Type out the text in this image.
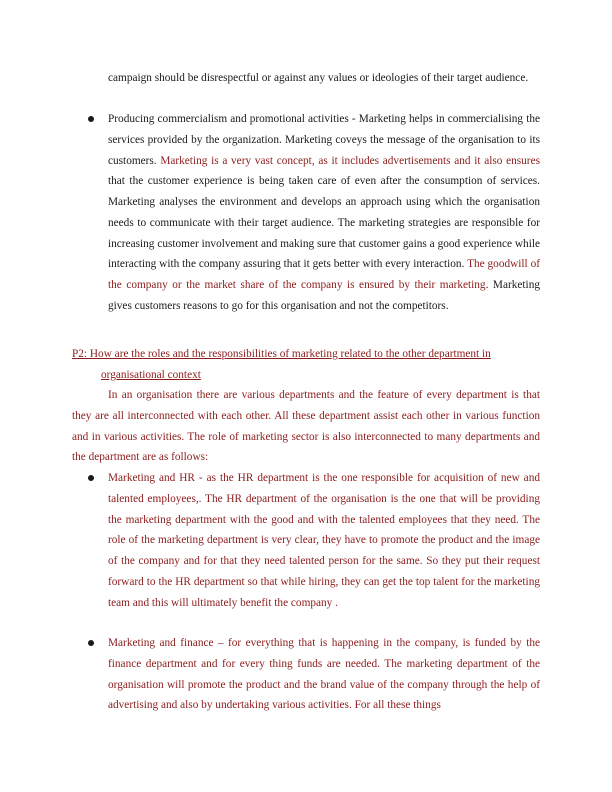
campaign should be disrespectful or against any values or ideologies of their target audience.

Producing commercialism and promotional activities - Marketing helps in commercialising the services provided by the organization. Marketing coveys the message of the organisation to its customers. Marketing is a very vast concept, as it includes advertisements and it also ensures that the customer experience is being taken care of even after the consumption of services. Marketing analyses the environment and develops an approach using which the organisation needs to communicate with their target audience. The marketing strategies are responsible for increasing customer involvement and making sure that customer gains a good experience while interacting with the company assuring that it gets better with every interaction. The goodwill of the company or the market share of the company is ensured by their marketing. Marketing gives customers reasons to go for this organisation and not the competitors.

P2: How are the roles and the responsibilities of marketing related to the other department in

organisational context

In an organisation there are various departments and the feature of every department is that they are all interconnected with each other. All these department assist each other in various function and in various activities. The role of marketing sector is also interconnected to many departments and the department are as follows:

Marketing and HR - as the HR department is the one responsible for acquisition of new and talented employees,. The HR department of the organisation is the one that will be providing the marketing department with the good and with the talented employees that they need. The role of the marketing department is very clear, they have to promote the product and the image of the company and for that they need talented person for the same. So they put their request forward to the HR department so that while hiring, they can get the top talent for the marketing team and this will ultimately benefit the company .

Marketing and finance – for everything that is happening in the company, is funded by the finance department and for every thing funds are needed. The marketing department of the organisation will promote the product and the brand value of the company through the help of advertising and also by undertaking various activities. For all these things
